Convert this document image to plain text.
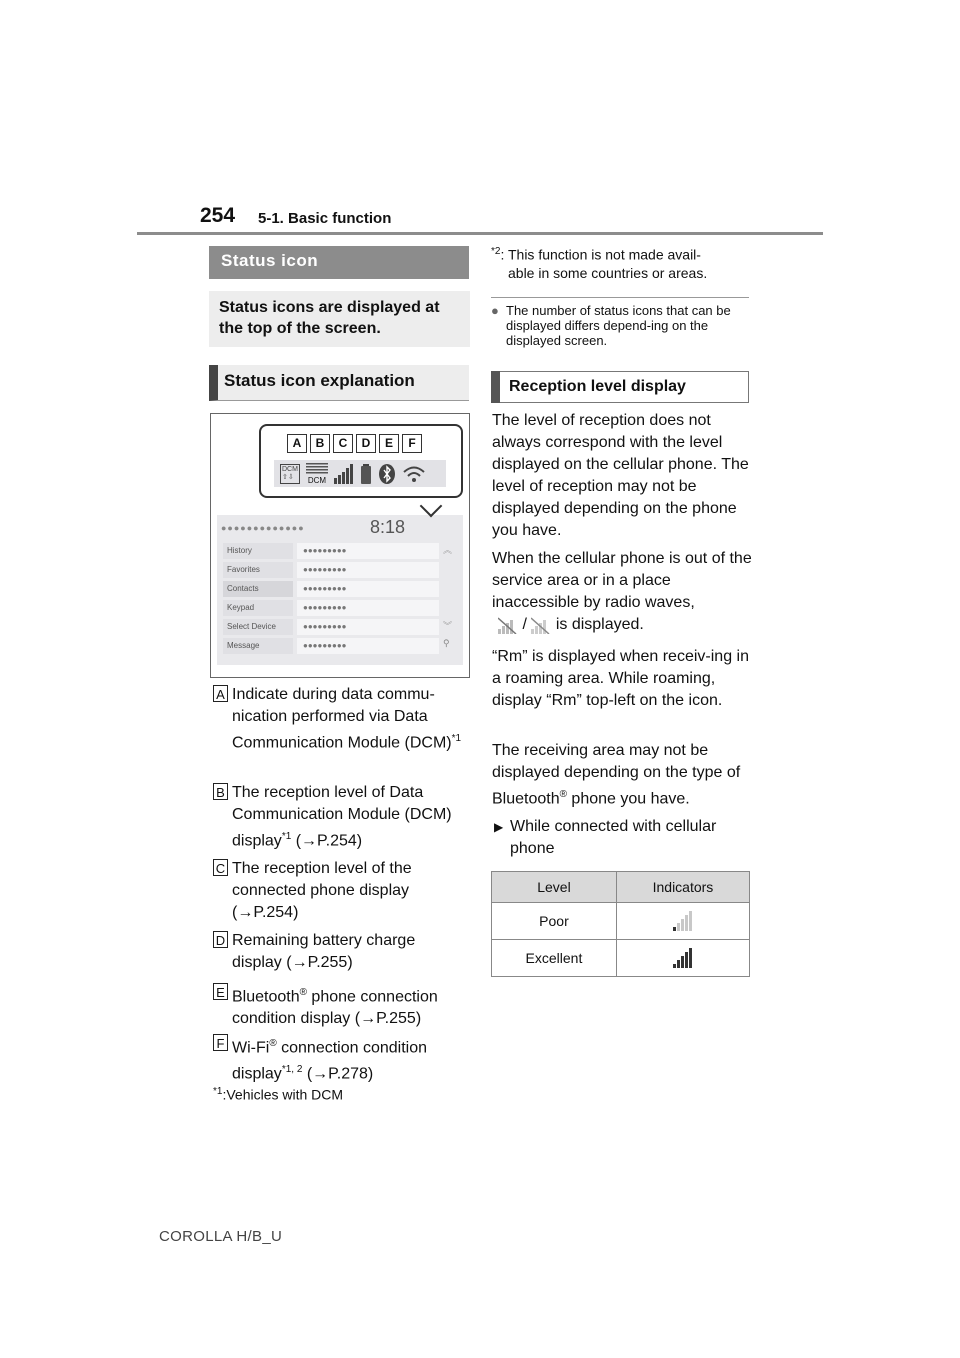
254 5-1. Basic function
Status icon
Status icons are displayed at the top of the screen.
Status icon explanation
●●●●●●●●●●●●●	8:18
History	●●●●●●●●●	︽
Favorites	●●●●●●●●●
Contacts	●●●●●●●●●
Keypad	●●●●●●●●●
Select Device	●●●●●●●●●	︾
Message	●●●●●●●●●	⚲
A	B	C	D	E	F
DCM
⇧⇩	DCM
A Indicate during data commu-nication performed via Data Communication Module (DCM)$^{*1}$
B The reception level of Data Communication Module (DCM) display$^{*1}$ (→P.254)
C The reception level of the connected phone display (→P.254)
D Remaining battery charge display (→P.255)
E Bluetooth® phone connection condition display (→P.255)
F Wi-Fi® connection condition display$^{*1, 2}$ (→P.278)
$^{*1}$:Vehicles with DCM
$^{*2}$: This function is not made avail-
able in some countries or areas.
● The number of status icons that can be displayed differs depend-ing on the displayed screen.
Reception level display
The level of reception does not always correspond with the level displayed on the cellular phone. The level of reception may not be displayed depending on the phone you have.
When the cellular phone is out of the service area or in a place inaccessible by radio waves,
/  is displayed.
“Rm” is displayed when receiv-ing in a roaming area. While roaming, display “Rm” top-left on the icon.
The receiving area may not be displayed depending on the type of Bluetooth® phone you have.
▶ While connected with cellular phone
Level	Indicators
Poor	
Excellent	
COROLLA H/B_U
